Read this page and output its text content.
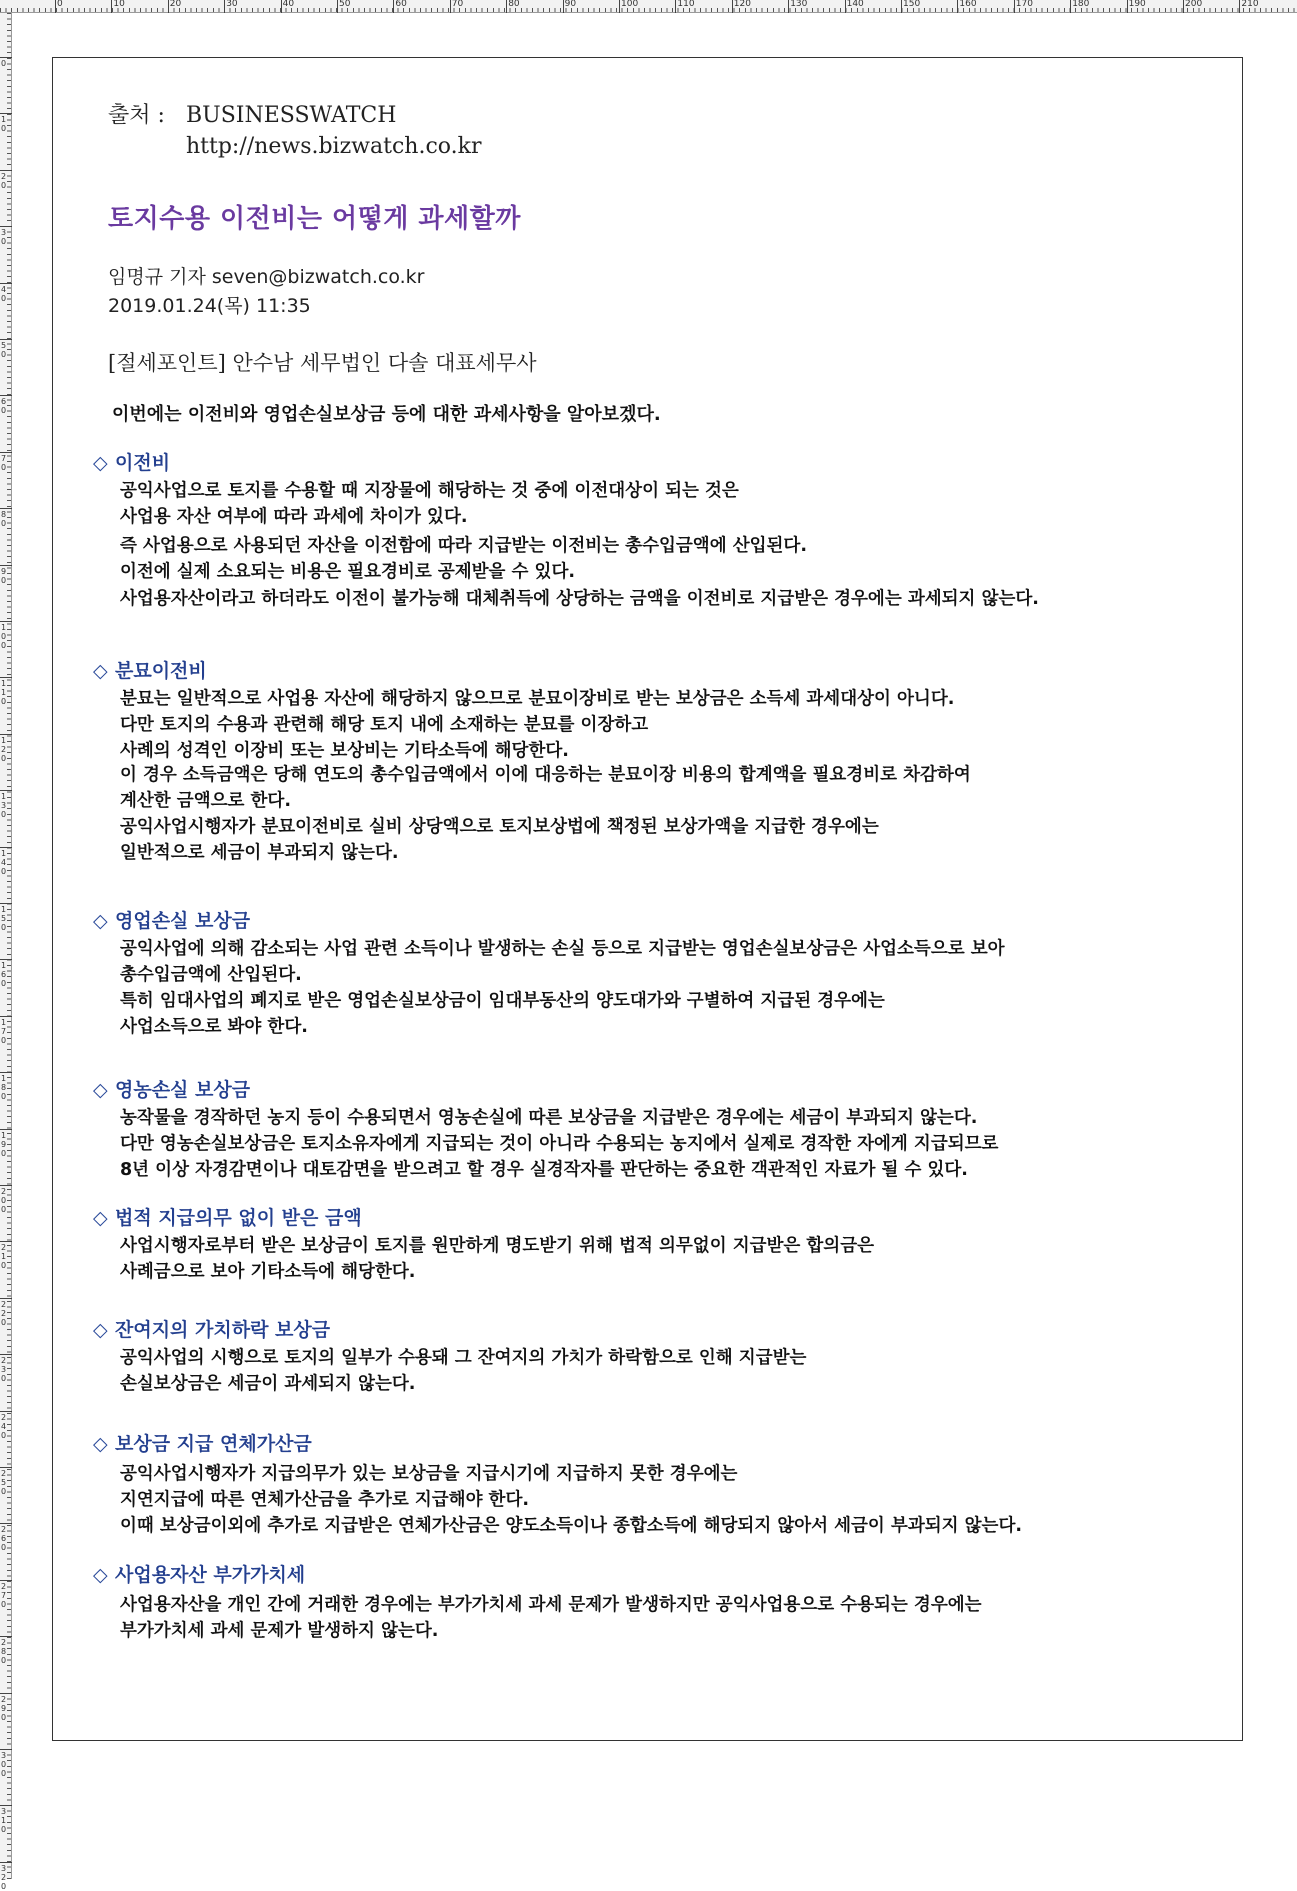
0	10	20	30	40	50	60	70	80	90	100	110	120	130	140	150	160	170	180	190	200	210
0
10
20
30
40
50
60
70
80
90
100
110
120
130
140
150
160
170
180
190
200
210
220
230
240
250
260
270
280
290
300
310
320
출처 : BUSINESSWATCH
http://news.bizwatch.co.kr
토지수용 이전비는 어떻게 과세할까
임명규 기자 seven@bizwatch.co.kr
2019.01.24(목) 11:35
[절세포인트] 안수남 세무법인 다솔 대표세무사
이번에는 이전비와 영업손실보상금 등에 대한 과세사항을 알아보겠다.
◇ 이전비
공익사업으로 토지를 수용할 때 지장물에 해당하는 것 중에 이전대상이 되는 것은
사업용 자산 여부에 따라 과세에 차이가 있다.
즉 사업용으로 사용되던 자산을 이전함에 따라 지급받는 이전비는 총수입금액에 산입된다.
이전에 실제 소요되는 비용은 필요경비로 공제받을 수 있다.
사업용자산이라고 하더라도 이전이 불가능해 대체취득에 상당하는 금액을 이전비로 지급받은 경우에는 과세되지 않는다.
◇ 분묘이전비
분묘는 일반적으로 사업용 자산에 해당하지 않으므로 분묘이장비로 받는 보상금은 소득세 과세대상이 아니다.
다만 토지의 수용과 관련해 해당 토지 내에 소재하는 분묘를 이장하고
사례의 성격인 이장비 또는 보상비는 기타소득에 해당한다.
이 경우 소득금액은 당해 연도의 총수입금액에서 이에 대응하는 분묘이장 비용의 합계액을 필요경비로 차감하여
계산한 금액으로 한다.
공익사업시행자가 분묘이전비로 실비 상당액으로 토지보상법에 책정된 보상가액을 지급한 경우에는
일반적으로 세금이 부과되지 않는다.
◇ 영업손실 보상금
공익사업에 의해 감소되는 사업 관련 소득이나 발생하는 손실 등으로 지급받는 영업손실보상금은 사업소득으로 보아
총수입금액에 산입된다.
특히 임대사업의 폐지로 받은 영업손실보상금이 임대부동산의 양도대가와 구별하여 지급된 경우에는
사업소득으로 봐야 한다.
◇ 영농손실 보상금
농작물을 경작하던 농지 등이 수용되면서 영농손실에 따른 보상금을 지급받은 경우에는 세금이 부과되지 않는다.
다만 영농손실보상금은 토지소유자에게 지급되는 것이 아니라 수용되는 농지에서 실제로 경작한 자에게 지급되므로
8년 이상 자경감면이나 대토감면을 받으려고 할 경우 실경작자를 판단하는 중요한 객관적인 자료가 될 수 있다.
◇ 법적 지급의무 없이 받은 금액
사업시행자로부터 받은 보상금이 토지를 원만하게 명도받기 위해 법적 의무없이 지급받은 합의금은
사례금으로 보아 기타소득에 해당한다.
◇ 잔여지의 가치하락 보상금
공익사업의 시행으로 토지의 일부가 수용돼 그 잔여지의 가치가 하락함으로 인해 지급받는
손실보상금은 세금이 과세되지 않는다.
◇ 보상금 지급 연체가산금
공익사업시행자가 지급의무가 있는 보상금을 지급시기에 지급하지 못한 경우에는
지연지급에 따른 연체가산금을 추가로 지급해야 한다.
이때 보상금이외에 추가로 지급받은 연체가산금은 양도소득이나 종합소득에 해당되지 않아서 세금이 부과되지 않는다.
◇ 사업용자산 부가가치세
사업용자산을 개인 간에 거래한 경우에는 부가가치세 과세 문제가 발생하지만 공익사업용으로 수용되는 경우에는
부가가치세 과세 문제가 발생하지 않는다.
